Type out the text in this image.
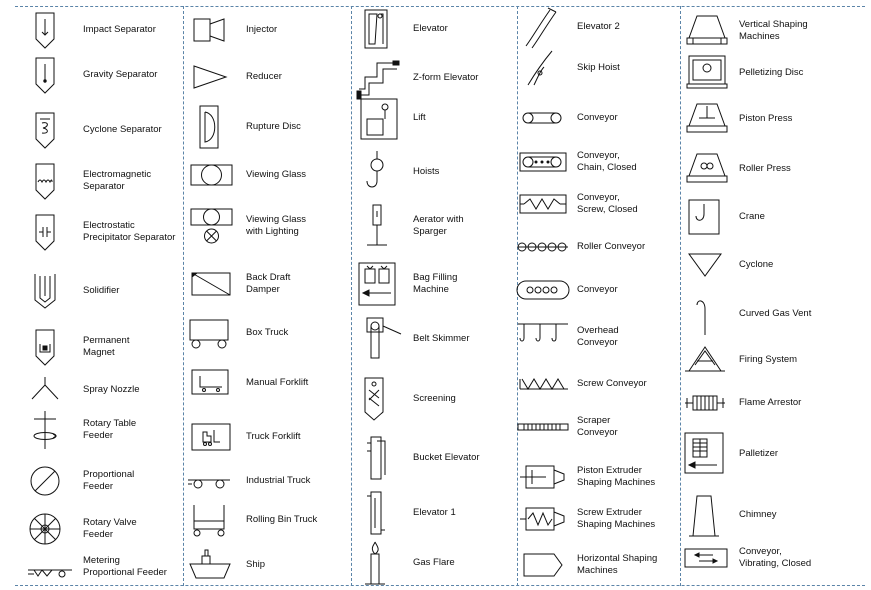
Impact Separator
Gravity Separator
Cyclone Separator
Electromagnetic
Separator
Electrostatic
Precipitator Separator
Solidifier
Permanent
Magnet
Spray Nozzle
Rotary Table
Feeder
Proportional
Feeder
Rotary Valve
Feeder
Metering
Proportional Feeder
Injector
Reducer
Rupture Disc
Viewing Glass
Viewing Glass
with Lighting
Back Draft
Damper
Box Truck
Manual Forklift
Truck Forklift
Industrial Truck
Rolling Bin Truck
Ship
Elevator
Z-form Elevator
Lift
Hoists
Aerator with
Sparger
Bag Filling
Machine
Belt Skimmer
Screening
Bucket Elevator
Elevator 1
Gas Flare
Elevator 2
Skip Hoist
Conveyor
Conveyor,
Chain, Closed
Conveyor,
Screw, Closed
Roller Conveyor
Conveyor
Overhead
Conveyor
Screw Conveyor
Scraper
Conveyor
Piston Extruder
Shaping Machines
Screw Extruder
Shaping Machines
Horizontal Shaping
Machines
Vertical Shaping
Machines
Pelletizing Disc
Piston Press
Roller Press
Crane
Cyclone
Curved Gas Vent
Firing System
Flame Arrestor
Palletizer
Chimney
Conveyor,
Vibrating, Closed
